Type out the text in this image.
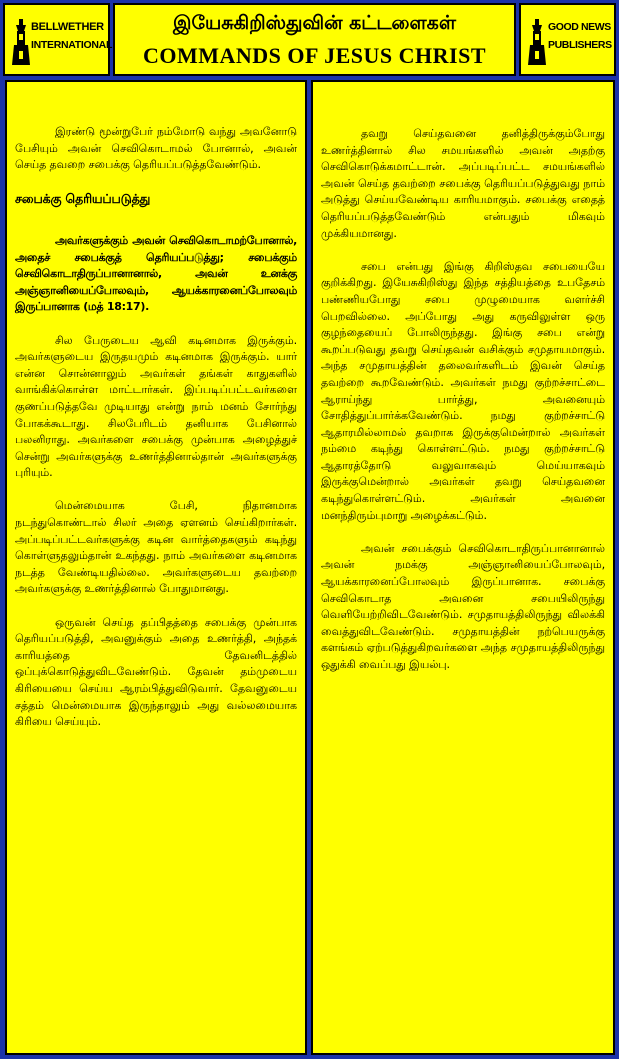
BELLWETHER
INTERNATIONAL
இயேசுகிறிஸ்துவின் கட்டளைகள்
COMMANDS OF JESUS CHRIST
GOOD NEWS
PUBLISHERS

இரண்டு மூன்றுபேர் நம்மோடு வந்து அவனோடு பேசியும் அவன் செவிகொடாமல் போனால், அவன் செய்த தவறை சபைக்கு தெரியப்படுத்தவேண்டும்.

சபைக்கு தெரியப்படுத்து

அவர்களுக்கும் அவன் செவிகொடாமற்போனால், அதைச் சபைக்குத் தெரியப்படுத்து; சபைக்கும் செவிகொடாதிருப்பானானால், அவன் உனக்கு அஞ்ஞானியைப்போலவும், ஆயக்காரனைப்போலவும் இருப்பானாக (மத் 18:17).

சில பேருடைய ஆவி கடினமாக இருக்கும். அவர்களுடைய இருதயமும் கடினமாக இருக்கும். யார் என்ன சொன்னாலும் அவர்கள் தங்கள் காதுகளில் வாங்கிக்கொள்ள மாட்டார்கள். இப்படிப்பட்டவர்களை குணப்படுத்தவே முடியாது என்று நாம் மனம் சோர்ந்து போகக்கூடாது. சிலபேரிடம் தனியாக பேசினால் பலனிராது. அவர்களை சபைக்கு முன்பாக அழைத்துச் சென்று அவர்களுக்கு உணர்த்தினால்தான் அவர்களுக்கு புரியும்.

மென்மையாக பேசி, நிதானமாக நடந்துகொண்டால் சிலர் அதை ஏளனம் செய்கிறார்கள். அப்படிப்பட்டவர்களுக்கு கடின வார்த்தைகளும் கடிந்து கொள்ளுதலும்தான் உகந்தது. நாம் அவர்களை கடினமாக நடத்த வேண்டியதில்லை. அவர்களுடைய தவற்றை அவர்களுக்கு உணர்த்தினால் போதுமானது.

ஒருவன் செய்த தப்பிதத்தை சபைக்கு முன்பாக தெரியப்படுத்தி, அவனுக்கும் அதை உணர்த்தி, அந்தக் காரியத்தை தேவனிடத்தில் ஒப்புக்கொடுத்துவிடவேண்டும். தேவன் தம்முடைய கிரியையை செய்ய ஆரம்பித்துவிடுவார். தேவனுடைய சத்தம் மென்மையாக இருந்தாலும் அது வல்லமையாக கிரியை செய்யும்.

தவறு செய்தவனை தனித்திருக்கும்போது உணர்த்தினால் சில சமயங்களில் அவன் அதற்கு செவிகொடுக்கமாட்டான். அப்படிப்பட்ட சமயங்களில் அவன் செய்த தவற்றை சபைக்கு தெரியப்படுத்துவது நாம் அடுத்து செய்யவேண்டிய காரியமாகும். சபைக்கு எதைத் தெரியப்படுத்தவேண்டும் என்பதும் மிகவும் முக்கியமானது.

சபை என்பது இங்கு கிறிஸ்தவ சபையையே குறிக்கிறது. இயேசுகிறிஸ்து இந்த சத்தியத்தை உபதேசம் பண்ணியபோது சபை முழுமையாக வளர்ச்சி பெறவில்லை. அப்போது அது கருவிலுள்ள ஒரு குழந்தையைப் போலிருந்தது. இங்கு சபை என்று கூறப்படுவது தவறு செய்தவன் வசிக்கும் சமுதாயமாகும். அந்த சமுதாயத்தின் தலைவர்களிடம் இவன் செய்த தவற்றை கூறவேண்டும். அவர்கள் நமது குற்றச்சாட்டை ஆராய்ந்து பார்த்து, அவனையும் சோதித்துப்பார்க்கவேண்டும். நமது குற்றச்சாட்டு ஆதாரமில்லாமல் தவறாக இருக்குமென்றால் அவர்கள் நம்மை கடிந்து கொள்ளட்டும். நமது குற்றச்சாட்டு ஆதாரத்தோடு வலுவாகவும் மெய்யாகவும் இருக்குமென்றால் அவர்கள் தவறு செய்தவனை கடிந்துகொள்ளட்டும். அவர்கள் அவனை மனந்திரும்புமாறு அழைக்கட்டும்.

அவன் சபைக்கும் செவிகொடாதிருப்பானானால் அவன் நமக்கு அஞ்ஞானியைப்போலவும், ஆயக்காரனைப்போலவும் இருப்பானாக. சபைக்கு செவிகொடாத அவனை சபையிலிருந்து வெளியேற்றிவிடவேண்டும். சமுதாயத்திலிருந்து விலக்கி வைத்துவிடவேண்டும். சமுதாயத்தின் நற்பெயருக்கு களங்கம் ஏற்படுத்துகிறவர்களை அந்த சமுதாயத்திலிருந்து ஒதுக்கி வைப்பது இயல்பு.
